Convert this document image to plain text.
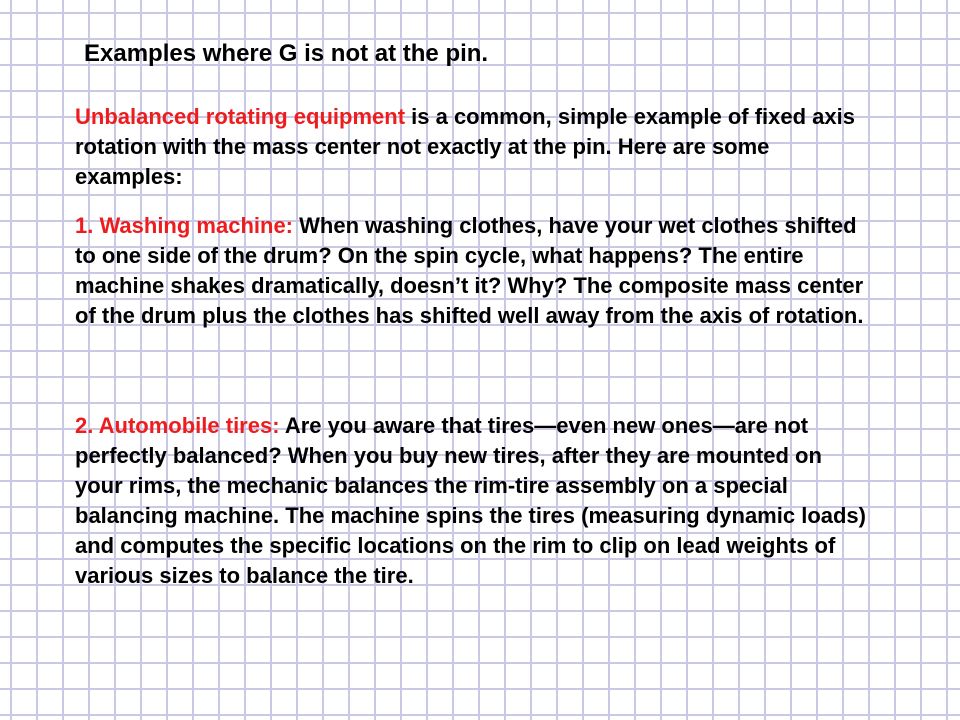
Examples where G is not at the pin.

Unbalanced rotating equipment is a common, simple example of fixed axis rotation with the mass center not exactly at the pin. Here are some examples:

1. Washing machine: When washing clothes, have your wet clothes shifted to one side of the drum? On the spin cycle, what happens? The entire machine shakes dramatically, doesn’t it? Why? The composite mass center of the drum plus the clothes has shifted well away from the axis of rotation.

2. Automobile tires: Are you aware that tires—even new ones—are not perfectly balanced? When you buy new tires, after they are mounted on your rims, the mechanic balances the rim-tire assembly on a special balancing machine. The machine spins the tires (measuring dynamic loads) and computes the specific locations on the rim to clip on lead weights of various sizes to balance the tire.
